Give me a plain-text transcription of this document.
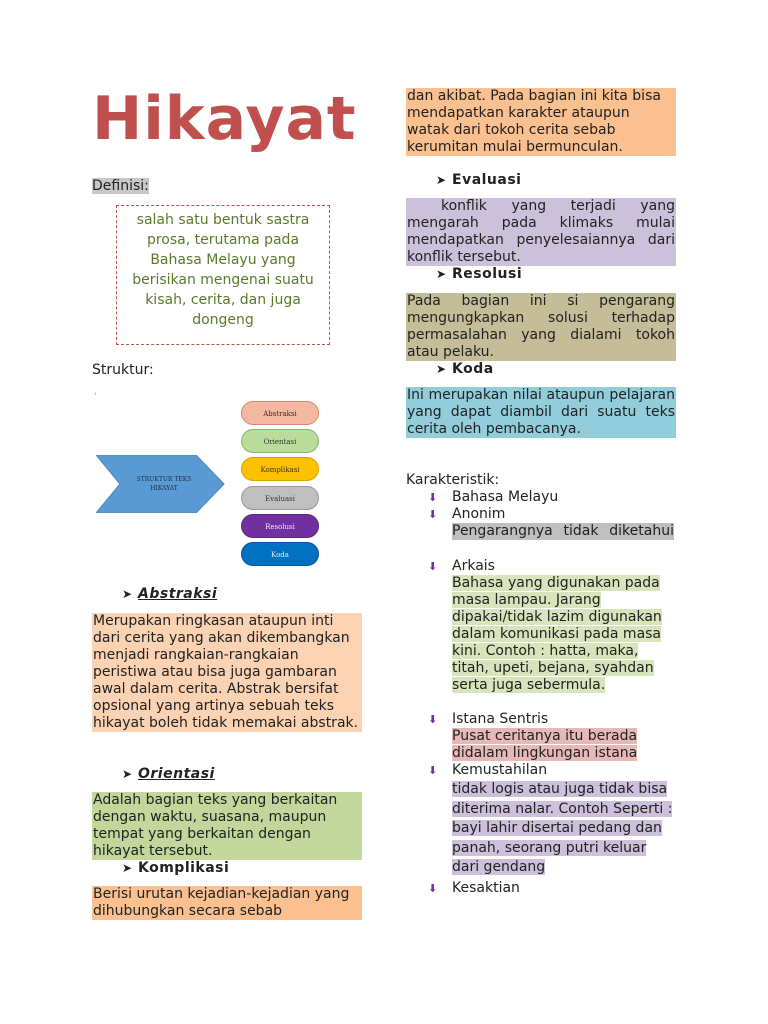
Hikayat
Definisi:
salah satu bentuk sastra prosa, terutama pada Bahasa Melayu yang berisikan mengenai suatu kisah, cerita, dan juga dongeng
Struktur:
'
STRUKTUR TEKS HIKAYAT
Abstraksi
Orientasi
Komplikasi
Evaluasi
Resolusi
Koda
➤ Abstraksi

Merupakan ringkasan ataupun inti dari cerita yang akan dikembangkan menjadi rangkaian-rangkaian peristiwa atau bisa juga gambaran awal dalam cerita. Abstrak bersifat opsional yang artinya sebuah teks hikayat boleh tidak memakai abstrak.

➤ Orientasi

Adalah bagian teks yang berkaitan dengan waktu, suasana, maupun tempat yang berkaitan dengan hikayat tersebut.

➤ Komplikasi

Berisi urutan kejadian-kejadian yang dihubungkan secara sebab

dan akibat. Pada bagian ini kita bisa mendapatkan karakter ataupun watak dari tokoh cerita sebab kerumitan mulai bermunculan.

➤ Evaluasi

konflik yang terjadi yang mengarah pada klimaks mulai mendapatkan penyelesaiannya dari konflik tersebut.

➤ Resolusi

Pada bagian ini si pengarang mengungkapkan solusi terhadap permasalahan yang dialami tokoh atau pelaku.

➤ Koda

Ini merupakan nilai ataupun pelajaran yang dapat diambil dari suatu teks cerita oleh pembacanya.

Karakteristik:
⬇ Bahasa Melayu
⬇ Anonim

Pengarangnya tidak diketahui

⬇ Arkais

Bahasa yang digunakan pada masa lampau. Jarang dipakai/tidak lazim digunakan dalam komunikasi pada masa kini. Contoh : hatta, maka, titah, upeti, bejana, syahdan serta juga sebermula.

⬇ Istana Sentris

Pusat ceritanya itu berada didalam lingkungan istana

⬇ Kemustahilan

tidak logis atau juga tidak bisa diterima nalar. Contoh Seperti : bayi lahir disertai pedang dan panah, seorang putri keluar dari gendang

⬇ Kesaktian
